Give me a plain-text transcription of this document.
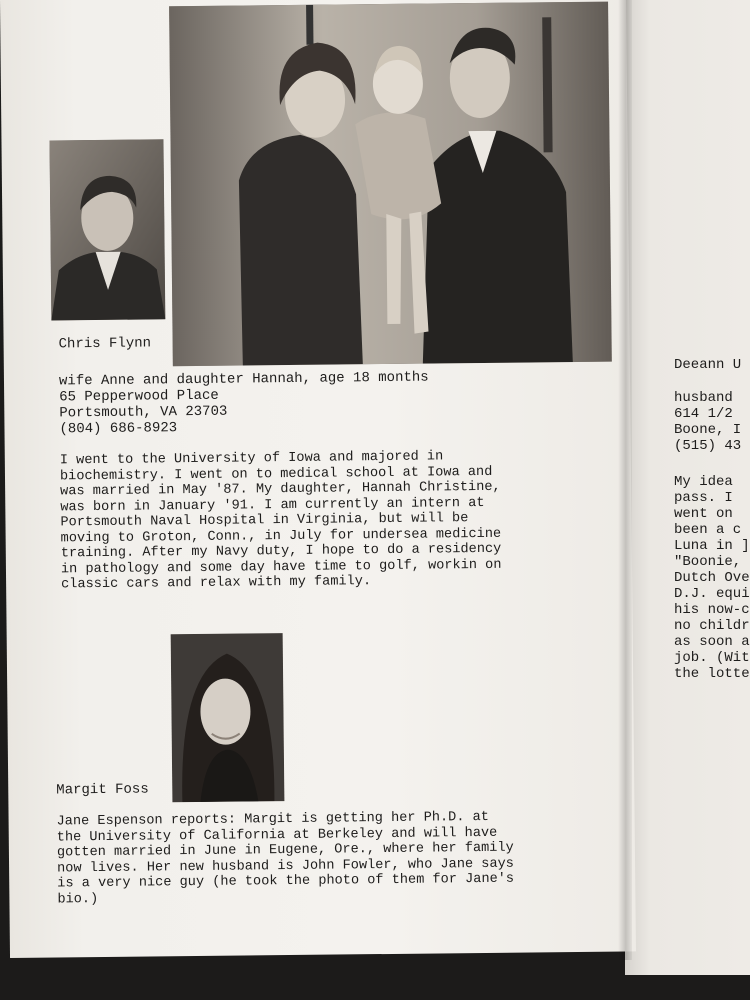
Chris Flynn
wife Anne and daughter Hannah, age 18 months
65 Pepperwood Place
Portsmouth, VA 23703
(804) 686-8923
I went to the University of Iowa and majored in
biochemistry. I went on to medical school at Iowa and
was married in May '87. My daughter, Hannah Christine,
was born in January '91. I am currently an intern at
Portsmouth Naval Hospital in Virginia, but will be
moving to Groton, Conn., in July for undersea medicine
training. After my Navy duty, I hope to do a residency
in pathology and some day have time to golf, workin on
classic cars and relax with my family.
Margit Foss
Jane Espenson reports: Margit is getting her Ph.D. at
the University of California at Berkeley and will have
gotten married in June in Eugene, Ore., where her family
now lives. Her new husband is John Fowler, who Jane says
is a very nice guy (he took the photo of them for Jane's
bio.)
Deeann U
husband
614 1/2
Boone, I
(515) 43
My idea
pass. I
went on
been a c
Luna in ]
"Boonie,
Dutch Ove
D.J. equi
his now-c
no childr
as soon a
job. (Wit
the lotte
